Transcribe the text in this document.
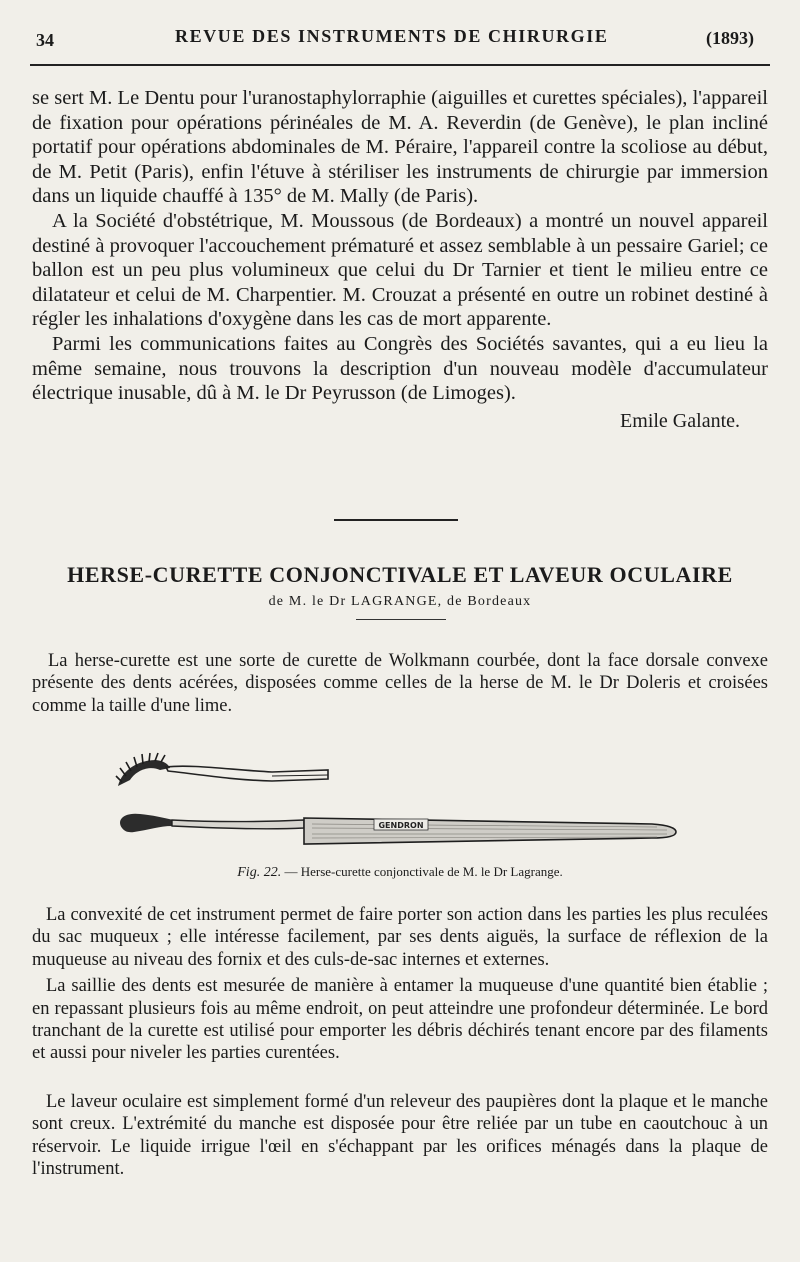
34	REVUE DES INSTRUMENTS DE CHIRURGIE	(1893)

se sert M. Le Dentu pour l'uranostaphylorraphie (aiguilles et curettes spéciales), l'appareil de fixation pour opérations périnéales de M. A. Reverdin (de Genève), le plan incliné portatif pour opérations abdominales de M. Péraire, l'appareil contre la scoliose au début, de M. Petit (Paris), enfin l'étuve à stériliser les instruments de chirurgie par immersion dans un liquide chauffé à 135° de M. Mally (de Paris).

A la Société d'obstétrique, M. Moussous (de Bordeaux) a montré un nouvel appareil destiné à provoquer l'accouchement prématuré et assez semblable à un pessaire Gariel; ce ballon est un peu plus volumineux que celui du Dr Tarnier et tient le milieu entre ce dilatateur et celui de M. Charpentier. M. Crouzat a présenté en outre un robinet destiné à régler les inhalations d'oxygène dans les cas de mort apparente.

Parmi les communications faites au Congrès des Sociétés savantes, qui a eu lieu la même semaine, nous trouvons la description d'un nouveau modèle d'accumulateur électrique inusable, dû à M. le Dr Peyrusson (de Limoges).

Emile Galante.
HERSE-CURETTE CONJONCTIVALE ET LAVEUR OCULAIRE
de M. le Dr LAGRANGE, de Bordeaux

La herse-curette est une sorte de curette de Wolkmann courbée, dont la face dorsale convexe présente des dents acérées, disposées comme celles de la herse de M. le Dr Doleris et croisées comme la taille d'une lime.

GENDRON
Fig. 22. — Herse-curette conjonctivale de M. le Dr Lagrange.

La convexité de cet instrument permet de faire porter son action dans les parties les plus reculées du sac muqueux ; elle intéresse facilement, par ses dents aiguës, la surface de réflexion de la muqueuse au niveau des fornix et des culs-de-sac internes et externes.

La saillie des dents est mesurée de manière à entamer la muqueuse d'une quantité bien établie ; en repassant plusieurs fois au même endroit, on peut atteindre une profondeur déterminée. Le bord tranchant de la curette est utilisé pour emporter les débris déchirés tenant encore par des filaments et aussi pour niveler les parties curentées.

Le laveur oculaire est simplement formé d'un releveur des paupières dont la plaque et le manche sont creux. L'extrémité du manche est disposée pour être reliée par un tube en caoutchouc à un réservoir. Le liquide irrigue l'œil en s'échappant par les orifices ménagés dans la plaque de l'instrument.
